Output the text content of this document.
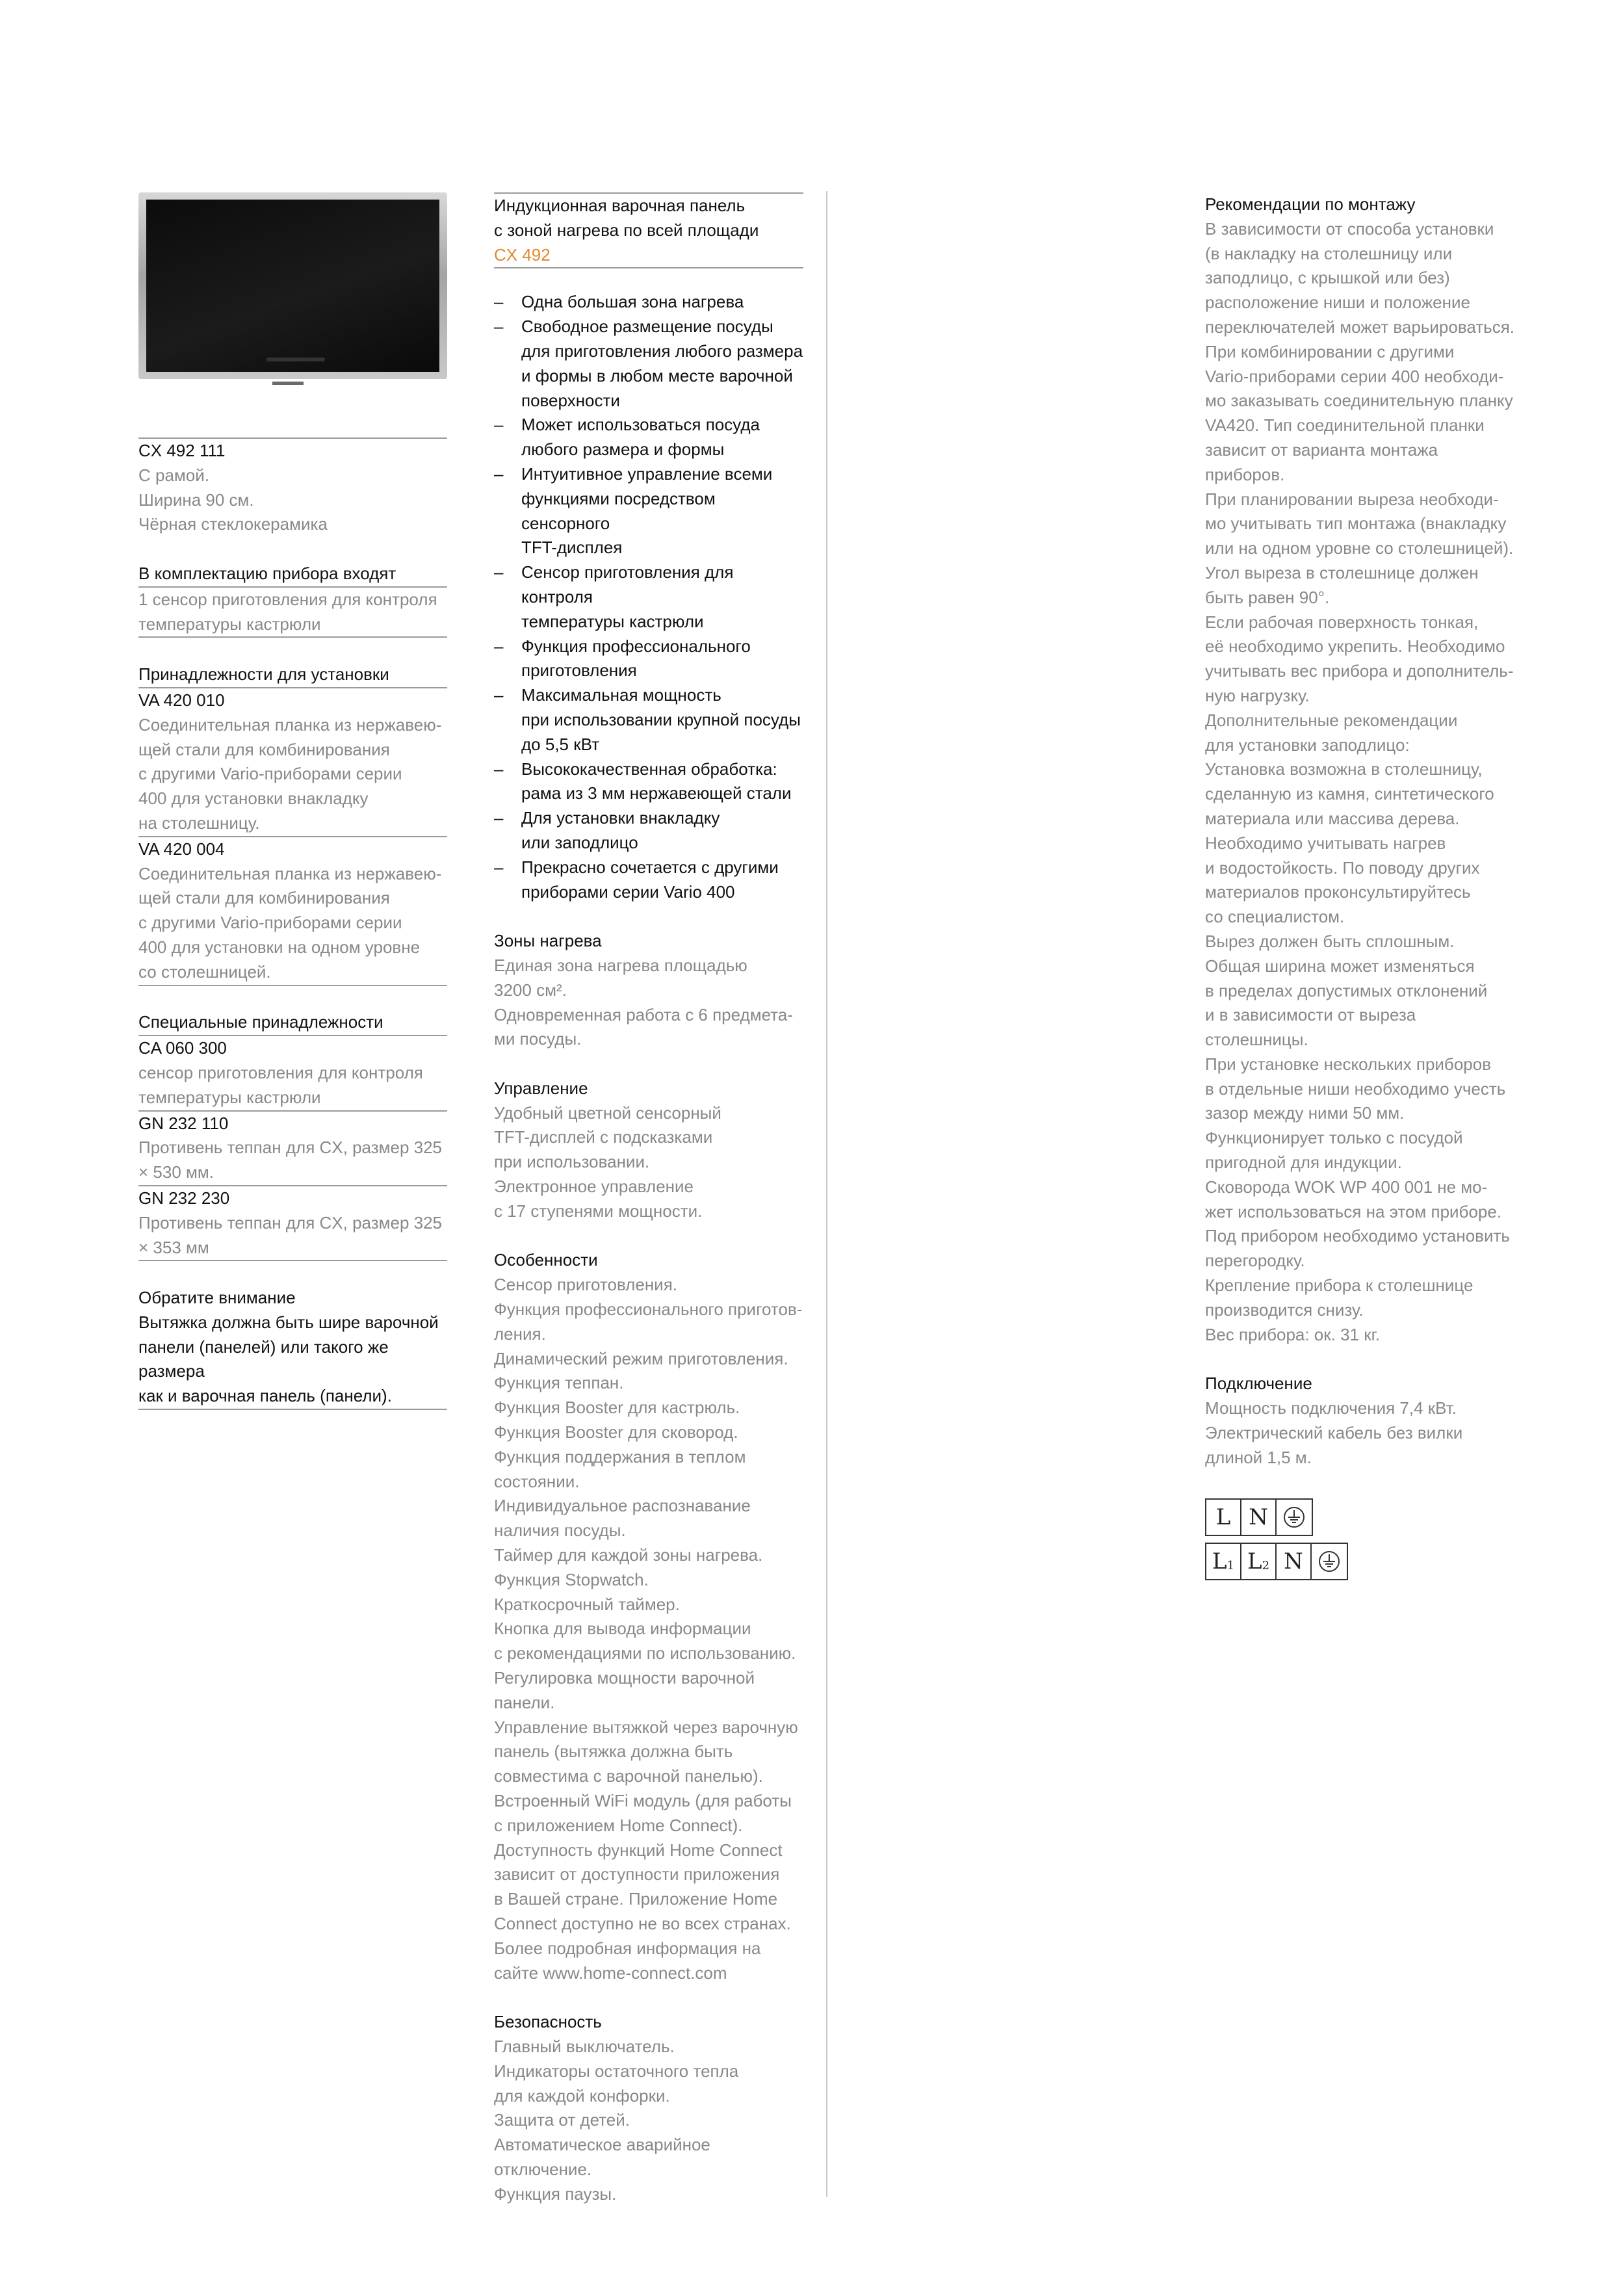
CX 492 111
С рамой.
Ширина 90 см.
Чёрная стеклокерамика
В комплектацию прибора входят
1 сенсор приготовления для контроля
температуры кастрюли
Принадлежности для установки
VA 420 010
Соединительная планка из нержавею-
щей стали для комбинирования
с другими Vario-приборами серии
400 для установки внакладку
на столешницу.
VA 420 004
Соединительная планка из нержавею-
щей стали для комбинирования
с другими Vario-приборами серии
400 для установки на одном уровне
со столешницей.
Специальные принадлежности
CA 060 300
сенсор приготовления для контроля
температуры кастрюли
GN 232 110
Противень теппан для CX, размер 325
× 530 мм.
GN 232 230
Противень теппан для CX, размер 325
× 353 мм
Обратите внимание
Вытяжка должна быть шире варочной
панели (панелей) или такого же размера
как и варочная панель (панели).
Индукционная варочная панель
с зоной нагрева по всей площади
CX 492
– Одна большая зона нагрева
– Свободное размещение посуды
для приготовления любого размера
и формы в любом месте варочной
поверхности
– Может использоваться посуда
любого размера и формы
– Интуитивное управление всеми
функциями посредством сенсорного
TFT-дисплея
– Сенсор приготовления для контроля
температуры кастрюли
– Функция профессионального
приготовления
– Максимальная мощность
при использовании крупной посуды
до 5,5 кВт
– Высококачественная обработка:
рама из 3 мм нержавеющей стали
– Для установки внакладку
или заподлицо
– Прекрасно сочетается с другими
приборами серии Vario 400
Зоны нагрева
Единая зона нагрева площадью
3200 см².
Одновременная работа с 6 предмета-
ми посуды.
Управление
Удобный цветной сенсорный
TFT-дисплей с подсказками
при использовании.
Электронное управление
с 17 ступенями мощности.
Особенности
Сенсор приготовления.
Функция профессионального приготов-
ления.
Динамический режим приготовления.
Функция теппан.
Функция Booster для кастрюль.
Функция Booster для сковород.
Функция поддержания в теплом
состоянии.
Индивидуальное распознавание
наличия посуды.
Таймер для каждой зоны нагрева.
Функция Stopwatch.
Краткосрочный таймер.
Кнопка для вывода информации
с рекомендациями по использованию.
Регулировка мощности варочной
панели.
Управление вытяжкой через варочную
панель (вытяжка должна быть
совместима с варочной панелью).
Встроенный WiFi модуль (для работы
с приложением Home Connect).
Доступность функций Home Connect
зависит от доступности приложения
в Вашей стране. Приложение Home
Connect доступно не во всех странах.
Более подробная информация на
сайте www.home-connect.com
Безопасность
Главный выключатель.
Индикаторы остаточного тепла
для каждой конфорки.
Защита от детей.
Автоматическое аварийное
отключение.
Функция паузы.
Рекомендации по монтажу
В зависимости от способа установки
(в накладку на столешницу или
заподлицо, с крышкой или без)
расположение ниши и положение
переключателей может варьироваться.
При комбинировании с другими
Vario-приборами серии 400 необходи-
мо заказывать соединительную планку
VA420. Тип соединительной планки
зависит от варианта монтажа
приборов.
При планировании выреза необходи-
мо учитывать тип монтажа (внакладку
или на одном уровне со столешницей).
Угол выреза в столешнице должен
быть равен 90°.
Если рабочая поверхность тонкая,
её необходимо укрепить. Необходимо
учитывать вес прибора и дополнитель-
ную нагрузку.
Дополнительные рекомендации
для установки заподлицо:
Установка возможна в столешницу,
сделанную из камня, синтетического
материала или массива дерева.
Необходимо учитывать нагрев
и водостойкость. По поводу других
материалов проконсультируйтесь
со специалистом.
Вырез должен быть сплошным.
Общая ширина может изменяться
в пределах допустимых отклонений
и в зависимости от выреза
столешницы.
При установке нескольких приборов
в отдельные ниши необходимо учесть
зазор между ними 50 мм.
Функционирует только с посудой
пригодной для индукции.
Сковорода WOK WP 400 001 не мо-
жет использоваться на этом приборе.
Под прибором необходимо установить
перегородку.
Крепление прибора к столешнице
производится снизу.
Вес прибора: ок. 31 кг.
Подключение
Мощность подключения 7,4 кВт.
Электрический кабель без вилки
длиной 1,5 м.
L N
$L_1$ $L_2$ N
